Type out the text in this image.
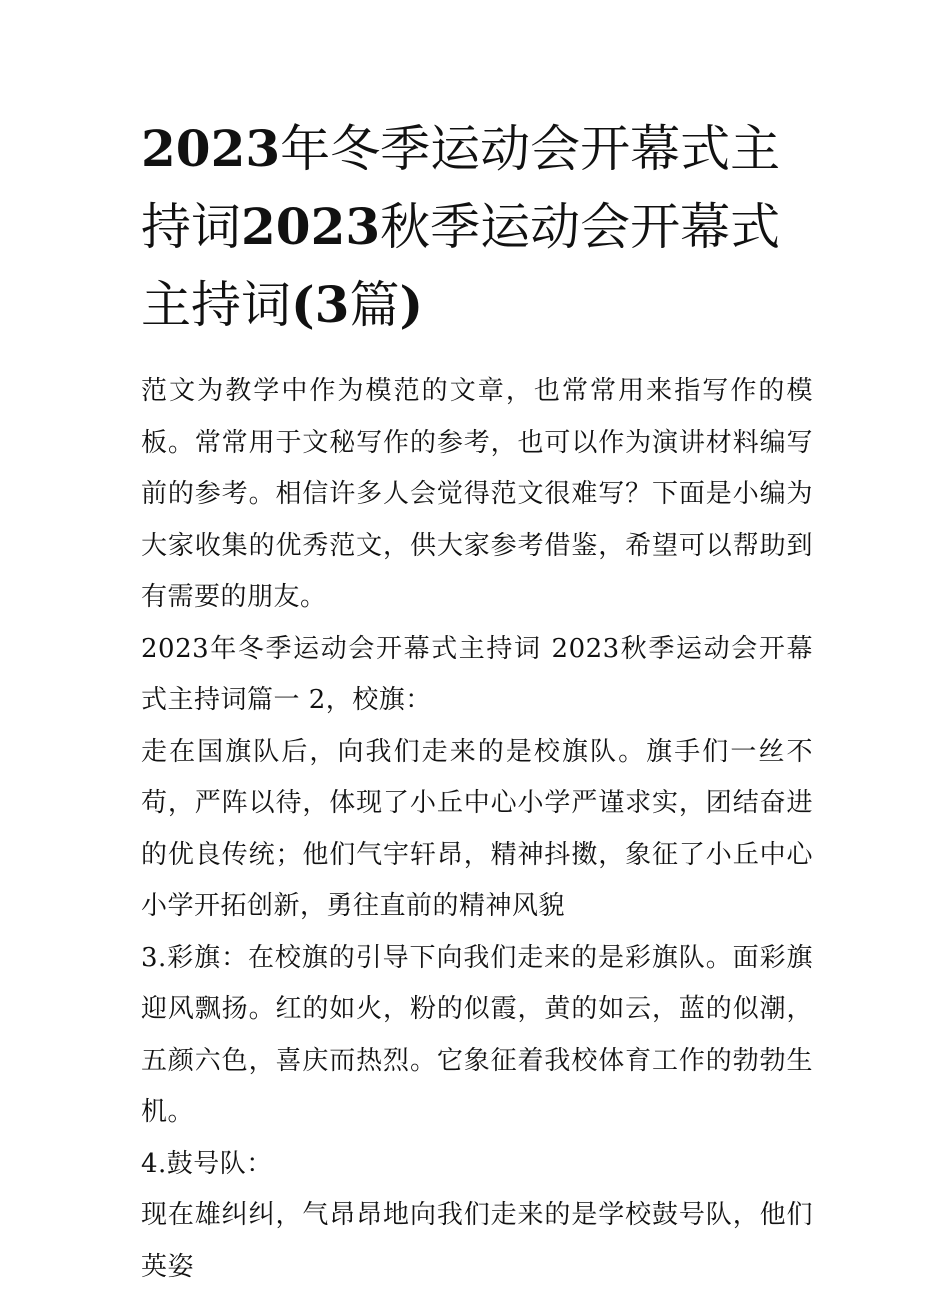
2023年冬季运动会开幕式主持词2023秋季运动会开幕式主持词(3篇)

范文为教学中作为模范的文章，也常常用来指写作的模板。常常用于文秘写作的参考，也可以作为演讲材料编写前的参考。相信许多人会觉得范文很难写？下面是小编为大家收集的优秀范文，供大家参考借鉴，希望可以帮助到有需要的朋友。

2023年冬季运动会开幕式主持词 2023秋季运动会开幕式主持词篇一 2，校旗：

走在国旗队后，向我们走来的是校旗队。旗手们一丝不苟，严阵以待，体现了小丘中心小学严谨求实，团结奋进的优良传统；他们气宇轩昂，精神抖擞，象征了小丘中心小学开拓创新，勇往直前的精神风貌

3.彩旗：在校旗的引导下向我们走来的是彩旗队。面彩旗迎风飘扬。红的如火，粉的似霞，黄的如云，蓝的似潮，五颜六色，喜庆而热烈。它象征着我校体育工作的勃勃生机。

4.鼓号队：

现在雄纠纠，气昂昂地向我们走来的是学校鼓号队，他们英姿
